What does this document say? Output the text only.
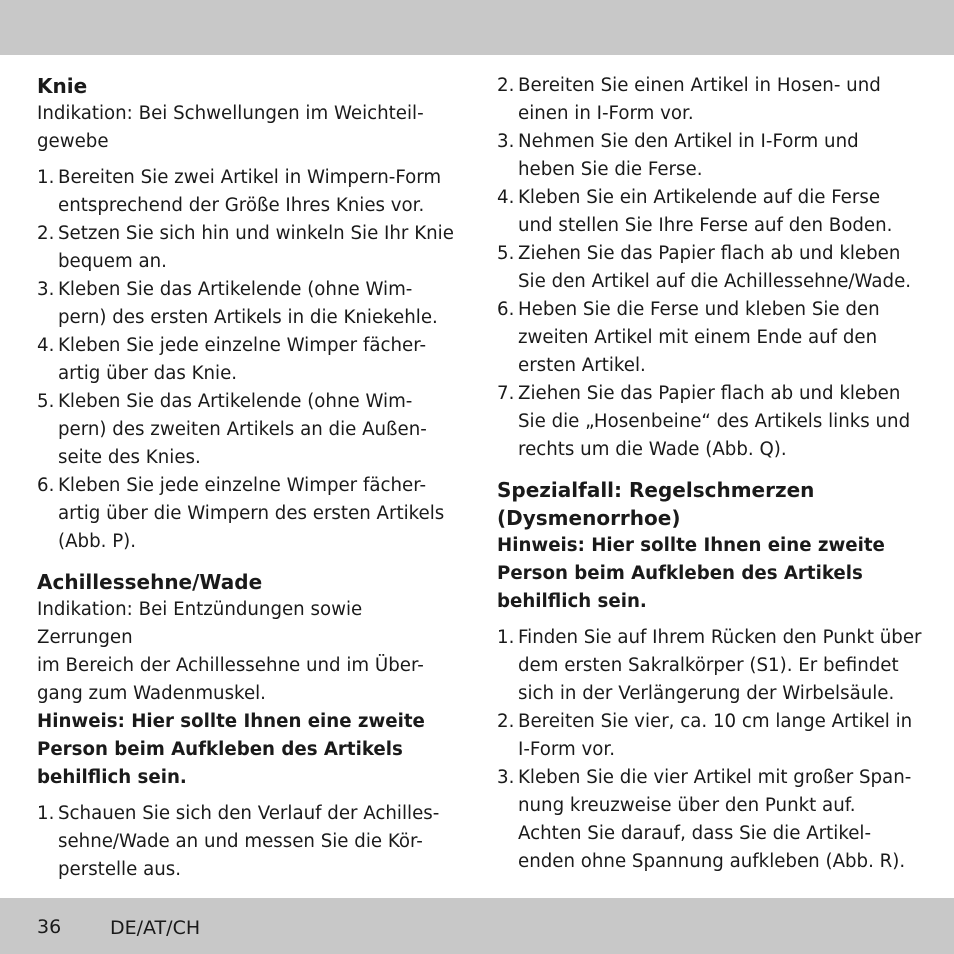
Knie

Indikation: Bei Schwellungen im Weichteil-
gewebe

1. Bereiten Sie zwei Artikel in Wimpern-Form
entsprechend der Größe Ihres Knies vor.
2. Setzen Sie sich hin und winkeln Sie Ihr Knie
bequem an.
3. Kleben Sie das Artikelende (ohne Wim-
pern) des ersten Artikels in die Kniekehle.
4. Kleben Sie jede einzelne Wimper fächer-
artig über das Knie.
5. Kleben Sie das Artikelende (ohne Wim-
pern) des zweiten Artikels an die Außen-
seite des Knies.
6. Kleben Sie jede einzelne Wimper fächer-
artig über die Wimpern des ersten Artikels
(Abb. P).
Achillessehne/Wade

Indikation: Bei Entzündungen sowie Zerrungen
im Bereich der Achillessehne und im Über-
gang zum Wadenmuskel.

Hinweis: Hier sollte Ihnen eine zweite
Person beim Aufkleben des Artikels
behilflich sein.

1. Schauen Sie sich den Verlauf der Achilles-
sehne/Wade an und messen Sie die Kör-
perstelle aus.
2. Bereiten Sie einen Artikel in Hosen- und
einen in I-Form vor.
3. Nehmen Sie den Artikel in I-Form und
heben Sie die Ferse.
4. Kleben Sie ein Artikelende auf die Ferse
und stellen Sie Ihre Ferse auf den Boden.
5. Ziehen Sie das Papier flach ab und kleben
Sie den Artikel auf die Achillessehne/Wade.
6. Heben Sie die Ferse und kleben Sie den
zweiten Artikel mit einem Ende auf den
ersten Artikel.
7. Ziehen Sie das Papier flach ab und kleben
Sie die „Hosenbeine“ des Artikels links und
rechts um die Wade (Abb. Q).
Spezialfall: Regelschmerzen
(Dysmenorrhoe)

Hinweis: Hier sollte Ihnen eine zweite
Person beim Aufkleben des Artikels
behilflich sein.

1. Finden Sie auf Ihrem Rücken den Punkt über
dem ersten Sakralkörper (S1). Er befindet
sich in der Verlängerung der Wirbelsäule.
2. Bereiten Sie vier, ca. 10 cm lange Artikel in
I-Form vor.
3. Kleben Sie die vier Artikel mit großer Span-
nung kreuzweise über den Punkt auf.
Achten Sie darauf, dass Sie die Artikel-
enden ohne Spannung aufkleben (Abb. R).
36	DE/AT/CH
